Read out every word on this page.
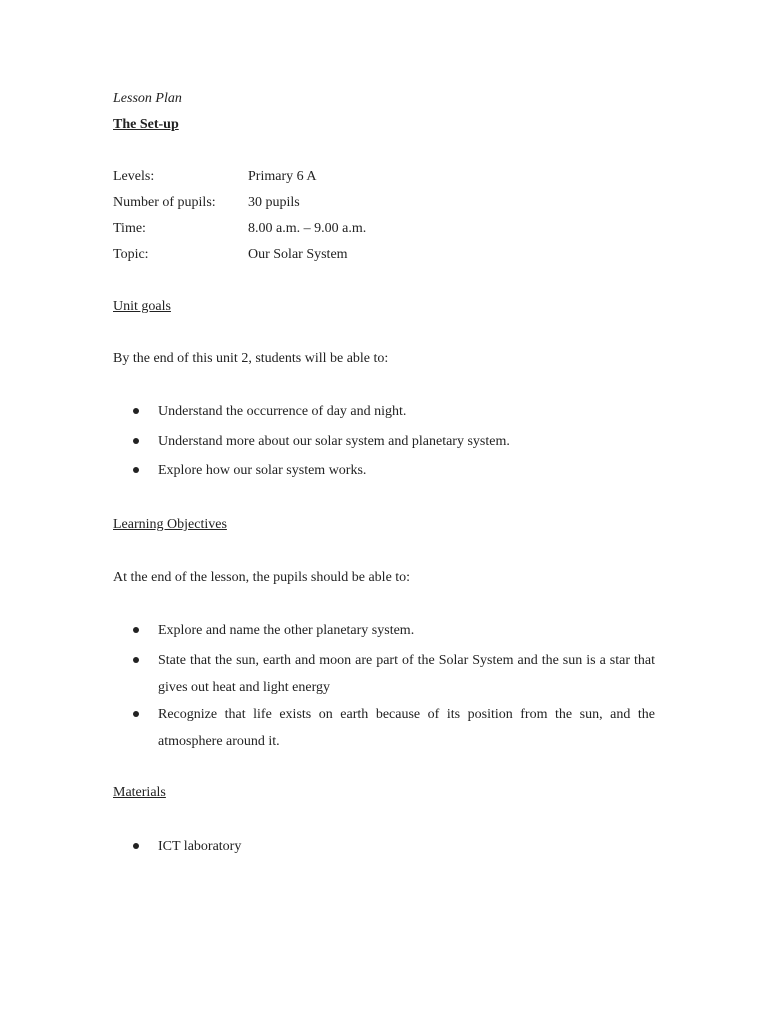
Lesson Plan
The Set-up
Levels:	Primary 6 A
Number of pupils: 30 pupils
Time:	8.00 a.m. – 9.00 a.m.
Topic:	Our Solar System
Unit goals
By the end of this unit 2, students will be able to:
Understand the occurrence of day and night.
Understand more about our solar system and planetary system.
Explore how our solar system works.
Learning Objectives
At the end of the lesson, the pupils should be able to:
Explore and name the other planetary system.
State that the sun, earth and moon are part of the Solar System and the sun is a star that gives out heat and light energy
Recognize that life exists on earth because of its position from the sun, and the atmosphere around it.
Materials
ICT laboratory
